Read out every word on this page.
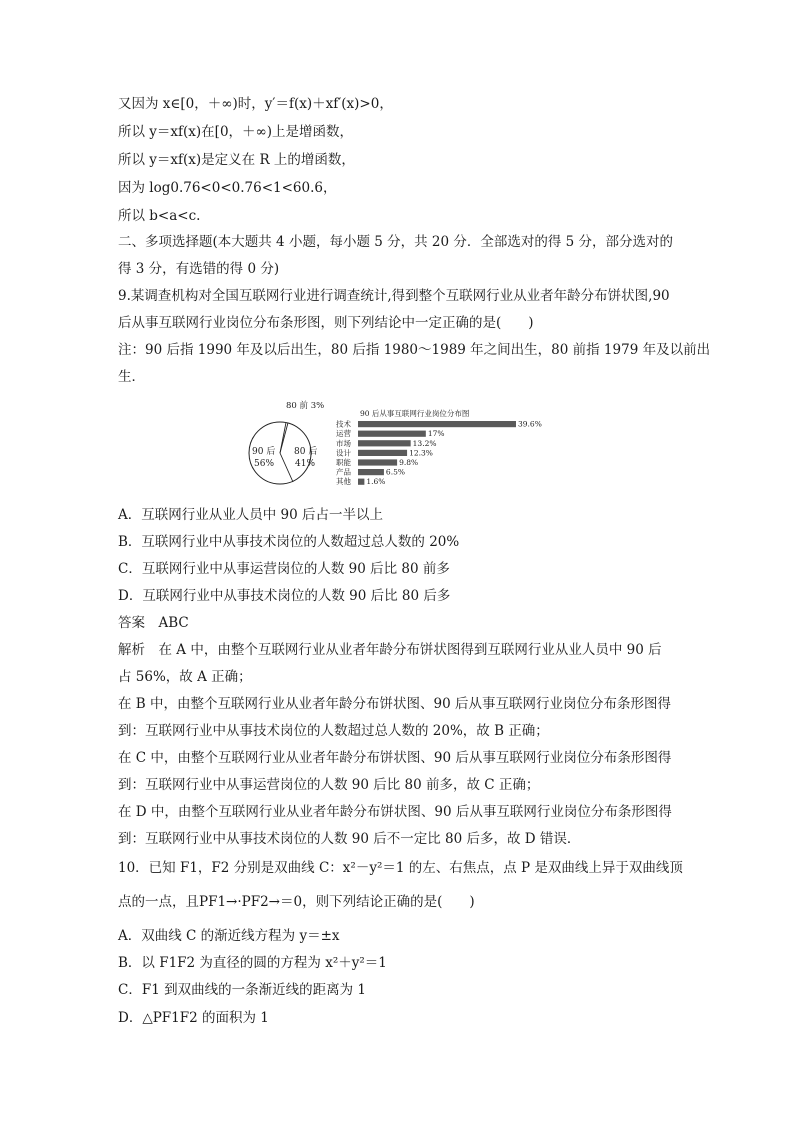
又因为 x∈[0，＋∞)时，y′＝f(x)＋xf′(x)>0，
所以 y＝xf(x)在[0，＋∞)上是增函数，
所以 y＝xf(x)是定义在 R 上的增函数，
因为 log0.76<0<0.76<1<60.6，
所以 b<a<c.
二、多项选择题(本大题共 4 小题，每小题 5 分，共 20 分．全部选对的得 5 分，部分选对的
得 3 分，有选错的得 0 分)
9.某调查机构对全国互联网行业进行调查统计,得到整个互联网行业从业者年龄分布饼状图,90
后从事互联网行业岗位分布条形图，则下列结论中一定正确的是(　　)
注：90 后指 1990 年及以后出生，80 后指 1980～1989 年之间出生，80 前指 1979 年及以前出
生．
90 后
56%
80 后
41%
80 前 3%
90 后从事互联网行业岗位分布图
技术	39.6%
运营	17%
市场	13.2%
设计	12.3%
职能	9.8%
产品	6.5%
其他 1.6%
A．互联网行业从业人员中 90 后占一半以上
B．互联网行业中从事技术岗位的人数超过总人数的 20%
C．互联网行业中从事运营岗位的人数 90 后比 80 前多
D．互联网行业中从事技术岗位的人数 90 后比 80 后多
答案　ABC
解析　在 A 中，由整个互联网行业从业者年龄分布饼状图得到互联网行业从业人员中 90 后
占 56%，故 A 正确；
在 B 中，由整个互联网行业从业者年龄分布饼状图、90 后从事互联网行业岗位分布条形图得
到：互联网行业中从事技术岗位的人数超过总人数的 20%，故 B 正确；
在 C 中，由整个互联网行业从业者年龄分布饼状图、90 后从事互联网行业岗位分布条形图得
到：互联网行业中从事运营岗位的人数 90 后比 80 前多，故 C 正确；
在 D 中，由整个互联网行业从业者年龄分布饼状图、90 后从事互联网行业岗位分布条形图得
到：互联网行业中从事技术岗位的人数 90 后不一定比 80 后多，故 D 错误．
10．已知 F1，F2 分别是双曲线 C：x²－y²＝1 的左、右焦点，点 P 是双曲线上异于双曲线顶
点的一点，且PF1→·PF2→＝0，则下列结论正确的是(　　)
A．双曲线 C 的渐近线方程为 y＝±x
B．以 F1F2 为直径的圆的方程为 x²＋y²＝1
C．F1 到双曲线的一条渐近线的距离为 1
D．△PF1F2 的面积为 1
